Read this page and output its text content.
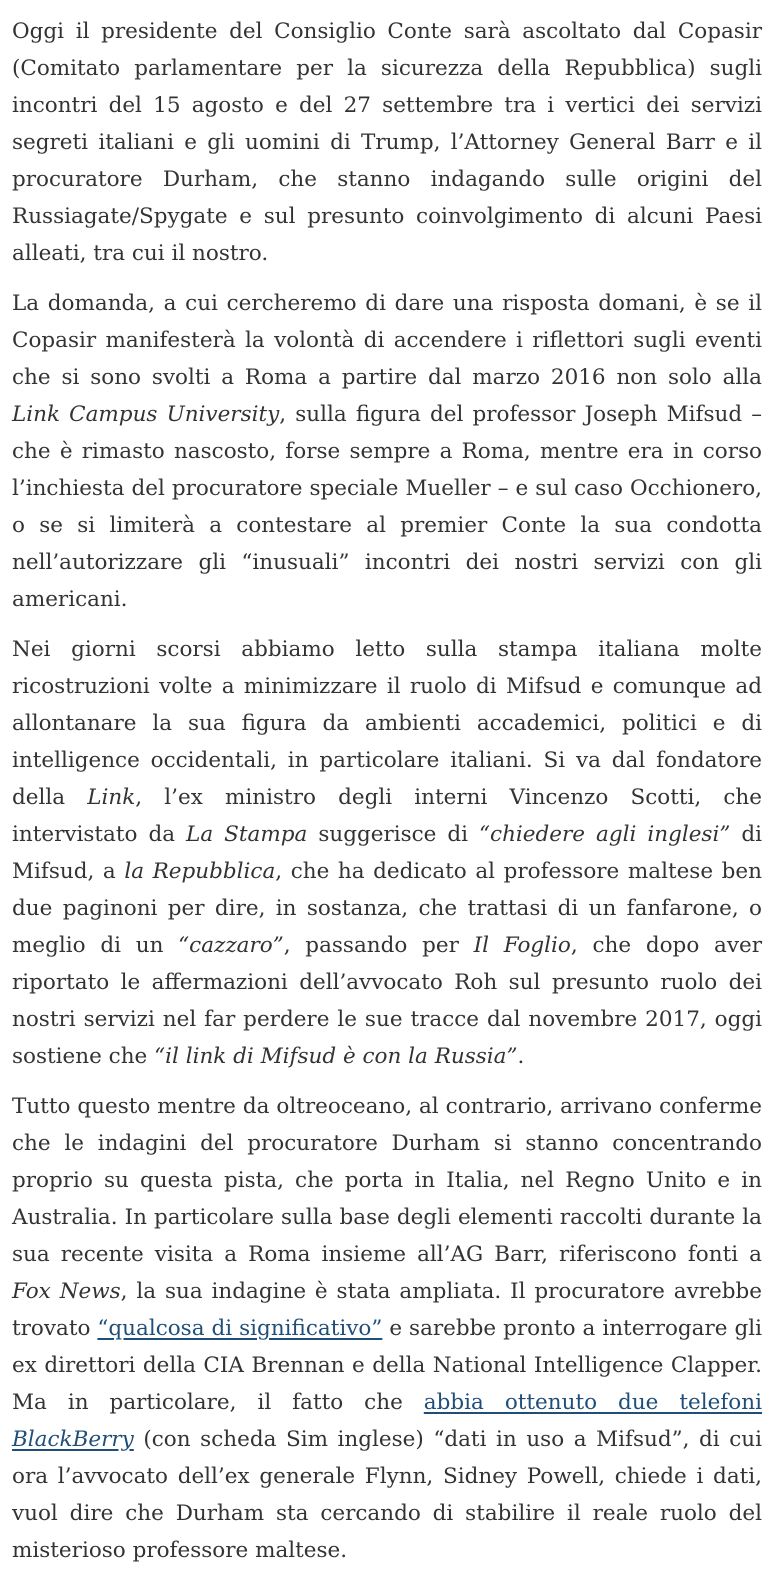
Oggi il presidente del Consiglio Conte sarà ascoltato dal Copasir (Comitato parlamentare per la sicurezza della Repubblica) sugli incontri del 15 agosto e del 27 settembre tra i vertici dei servizi segreti italiani e gli uomini di Trump, l’Attorney General Barr e il procuratore Durham, che stanno indagando sulle origini del Russiagate/Spygate e sul presunto coinvolgimento di alcuni Paesi alleati, tra cui il nostro.

La domanda, a cui cercheremo di dare una risposta domani, è se il Copasir manifesterà la volontà di accendere i riflettori sugli eventi che si sono svolti a Roma a partire dal marzo 2016 non solo alla Link Campus University, sulla figura del professor Joseph Mifsud – che è rimasto nascosto, forse sempre a Roma, mentre era in corso l’inchiesta del procuratore speciale Mueller – e sul caso Occhionero, o se si limiterà a contestare al premier Conte la sua condotta nell’autorizzare gli “inusuali” incontri dei nostri servizi con gli americani.

Nei giorni scorsi abbiamo letto sulla stampa italiana molte ricostruzioni volte a minimizzare il ruolo di Mifsud e comunque ad allontanare la sua figura da ambienti accademici, politici e di intelligence occidentali, in particolare italiani. Si va dal fondatore della Link, l’ex ministro degli interni Vincenzo Scotti, che intervistato da La Stampa suggerisce di “chiedere agli inglesi” di Mifsud, a la Repubblica, che ha dedicato al professore maltese ben due paginoni per dire, in sostanza, che trattasi di un fanfarone, o meglio di un “cazzaro”, passando per Il Foglio, che dopo aver riportato le affermazioni dell’avvocato Roh sul presunto ruolo dei nostri servizi nel far perdere le sue tracce dal novembre 2017, oggi sostiene che “il link di Mifsud è con la Russia”.

Tutto questo mentre da oltreoceano, al contrario, arrivano conferme che le indagini del procuratore Durham si stanno concentrando proprio su questa pista, che porta in Italia, nel Regno Unito e in Australia. In particolare sulla base degli elementi raccolti durante la sua recente visita a Roma insieme all’AG Barr, riferiscono fonti a Fox News, la sua indagine è stata ampliata. Il procuratore avrebbe trovato “qualcosa di significativo” e sarebbe pronto a interrogare gli ex direttori della CIA Brennan e della National Intelligence Clapper. Ma in particolare, il fatto che abbia ottenuto due telefoni BlackBerry (con scheda Sim inglese) “dati in uso a Mifsud”, di cui ora l’avvocato dell’ex generale Flynn, Sidney Powell, chiede i dati, vuol dire che Durham sta cercando di stabilire il reale ruolo del misterioso professore maltese.
